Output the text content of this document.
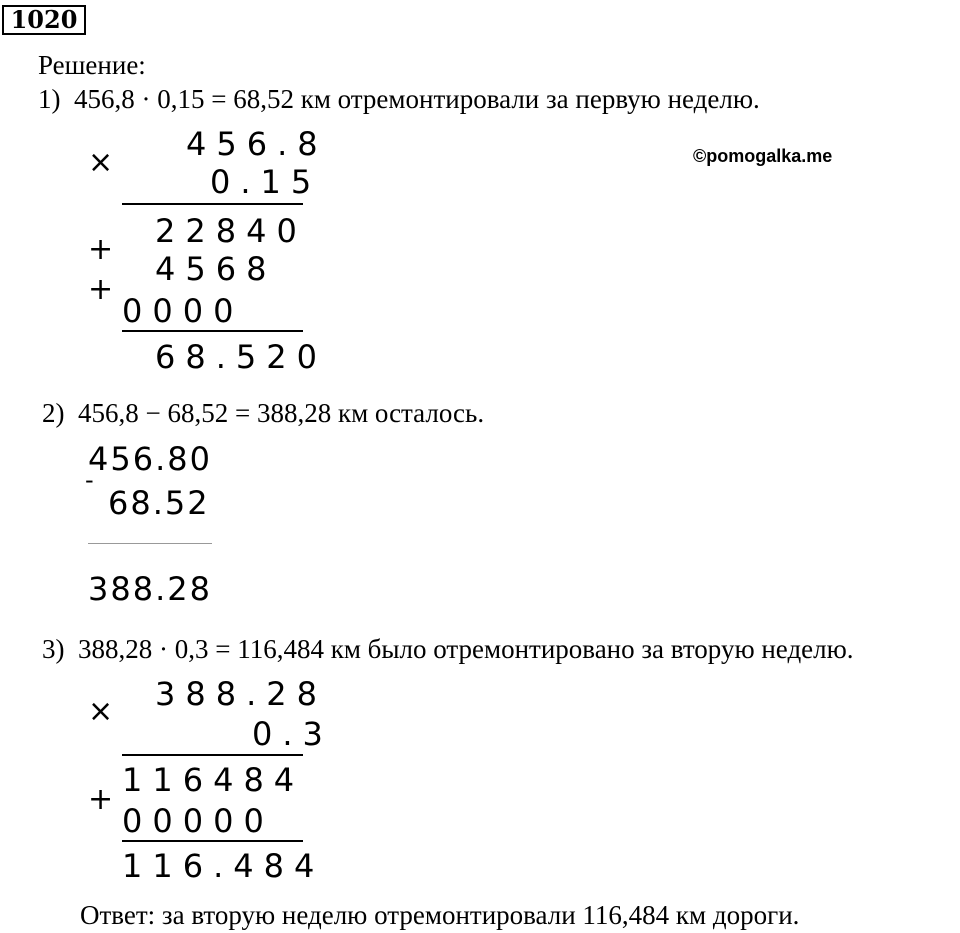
1020
Решение:
1)  456,8 · 0,15 = 68,52 км отремонтировали за первую неделю.
©pomogalka.me
× 456.8
0.15
22840
+
4568
+
0000
68.520
2)  456,8 − 68,52 = 388,28 км осталось.
456.80
-
68.52
388.28
3)  388,28 · 0,3 = 116,484 км было отремонтировано за вторую неделю.
× 388.28
0.3
116484
+
00000
116.484
Ответ: за вторую неделю отремонтировали 116,484 км дороги.
